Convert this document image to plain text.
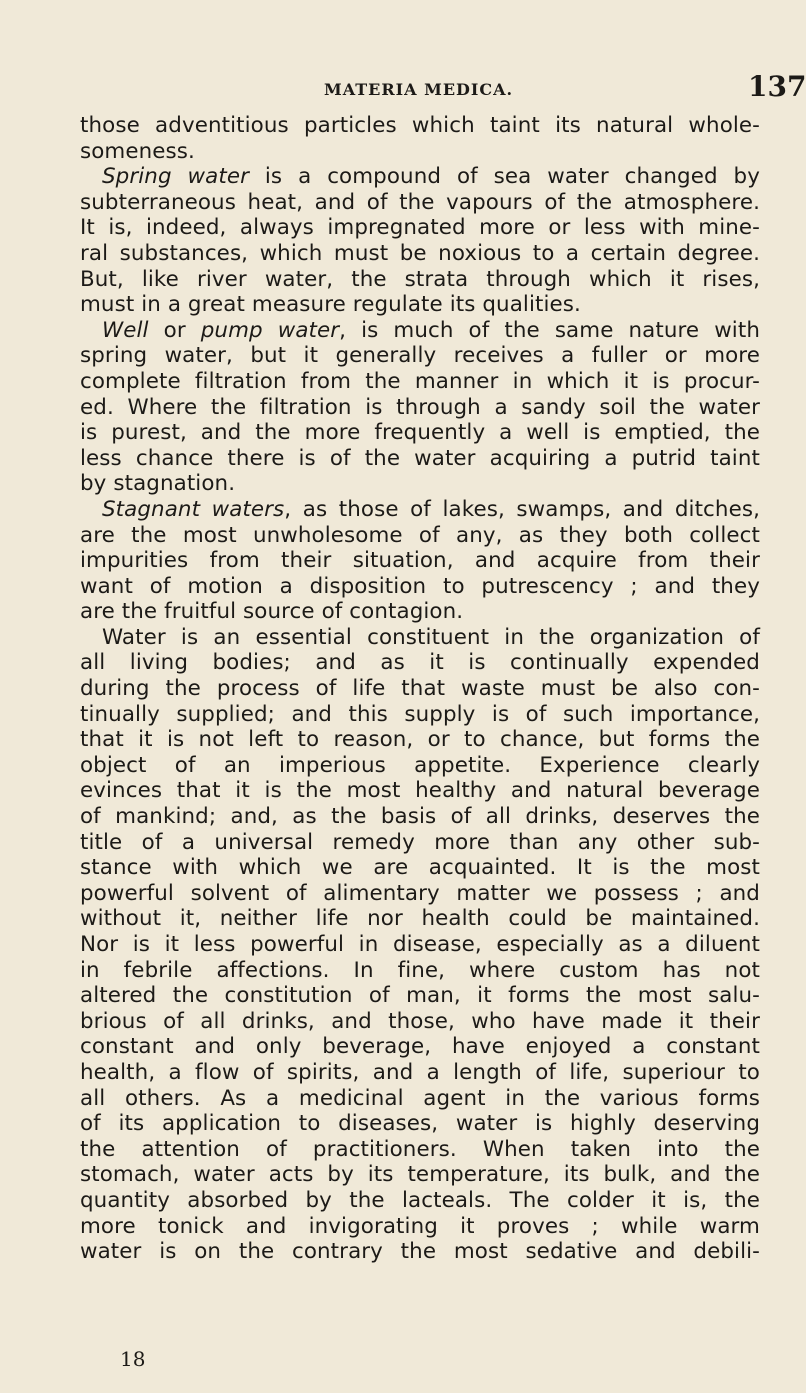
MATERIA MEDICA.	137
those adventitious particles which taint its natural whole-
someness.
Spring water is a compound of sea water changed by
subterraneous heat, and of the vapours of the atmosphere.
It is, indeed, always impregnated more or less with mine-
ral substances, which must be noxious to a certain degree.
But, like river water, the strata through which it rises,
must in a great measure regulate its qualities.
Well or pump water, is much of the same nature with
spring water, but it generally receives a fuller or more
complete filtration from the manner in which it is procur-
ed. Where the filtration is through a sandy soil the water
is purest, and the more frequently a well is emptied, the
less chance there is of the water acquiring a putrid taint
by stagnation.
Stagnant waters, as those of lakes, swamps, and ditches,
are the most unwholesome of any, as they both collect
impurities from their situation, and acquire from their
want of motion a disposition to putrescency ; and they
are the fruitful source of contagion.
Water is an essential constituent in the organization of
all living bodies; and as it is continually expended
during the process of life that waste must be also con-
tinually supplied; and this supply is of such importance,
that it is not left to reason, or to chance, but forms the
object of an imperious appetite. Experience clearly
evinces that it is the most healthy and natural beverage
of mankind; and, as the basis of all drinks, deserves the
title of a universal remedy more than any other sub-
stance with which we are acquainted. It is the most
powerful solvent of alimentary matter we possess ; and
without it, neither life nor health could be maintained.
Nor is it less powerful in disease, especially as a diluent
in febrile affections. In fine, where custom has not
altered the constitution of man, it forms the most salu-
brious of all drinks, and those, who have made it their
constant and only beverage, have enjoyed a constant
health, a flow of spirits, and a length of life, superiour to
all others. As a medicinal agent in the various forms
of its application to diseases, water is highly deserving
the attention of practitioners. When taken into the
stomach, water acts by its temperature, its bulk, and the
quantity absorbed by the lacteals. The colder it is, the
more tonick and invigorating it proves ; while warm
water is on the contrary the most sedative and debili-
18
